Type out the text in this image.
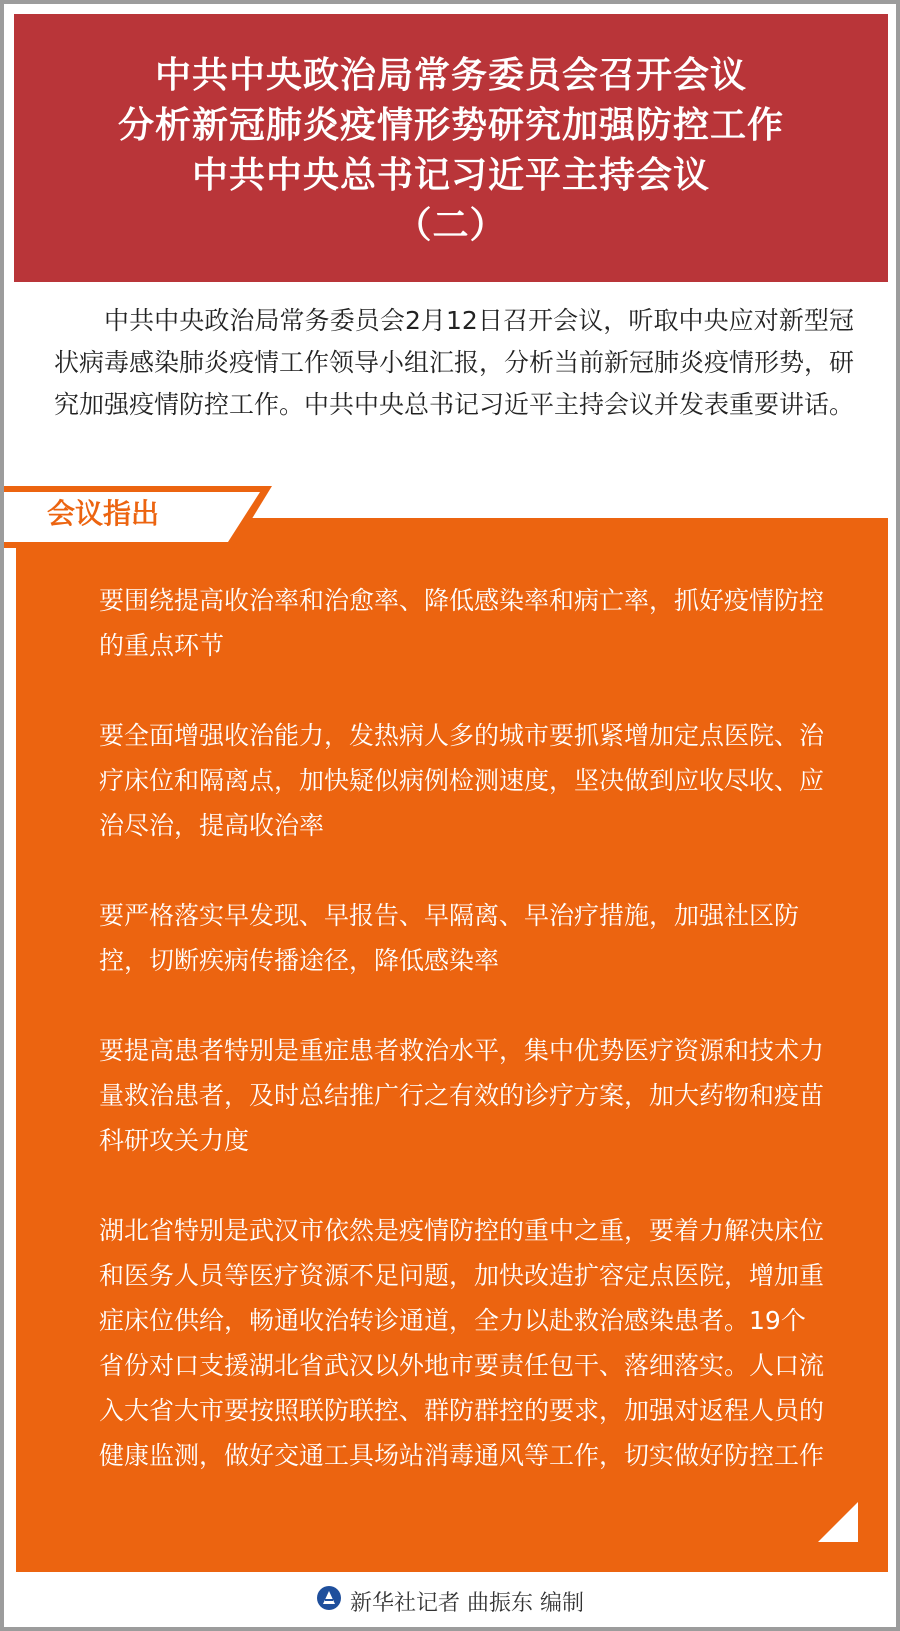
中共中央政治局常务委员会召开会议
分析新冠肺炎疫情形势研究加强防控工作
中共中央总书记习近平主持会议
（二）
中共中央政治局常务委员会2月12日召开会议，听取中央应对新型冠状病毒感染肺炎疫情工作领导小组汇报，分析当前新冠肺炎疫情形势，研究加强疫情防控工作。中共中央总书记习近平主持会议并发表重要讲话。
会议指出
要围绕提高收治率和治愈率、降低感染率和病亡率，抓好疫情防控的重点环节
要全面增强收治能力，发热病人多的城市要抓紧增加定点医院、治疗床位和隔离点，加快疑似病例检测速度，坚决做到应收尽收、应治尽治，提高收治率
要严格落实早发现、早报告、早隔离、早治疗措施，加强社区防控，切断疾病传播途径，降低感染率
要提高患者特别是重症患者救治水平，集中优势医疗资源和技术力量救治患者，及时总结推广行之有效的诊疗方案，加大药物和疫苗科研攻关力度
湖北省特别是武汉市依然是疫情防控的重中之重，要着力解决床位和医务人员等医疗资源不足问题，加快改造扩容定点医院，增加重症床位供给，畅通收治转诊通道，全力以赴救治感染患者。19个省份对口支援湖北省武汉以外地市要责任包干、落细落实。人口流入大省大市要按照联防联控、群防群控的要求，加强对返程人员的健康监测，做好交通工具场站消毒通风等工作，切实做好防控工作
新华社记者 曲振东 编制
